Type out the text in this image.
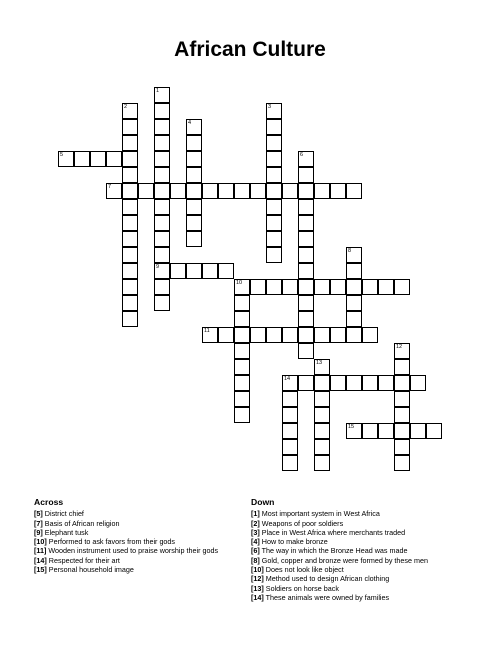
African Culture
1
9
2	3
4
5	6
7
8
10
11
12
13
14
15
Across
[5] District chief
[7] Basis of African religion
[9] Elephant tusk
[10] Performed to ask favors from their gods
[11] Wooden instrument used to praise worship their gods
[14] Respected for their art
[15] Personal household image
Down
[1] Most important system in West Africa
[2] Weapons of poor soldiers
[3] Place in West Africa where merchants traded
[4] How to make bronze
[6] The way in which the Bronze Head was made
[8] Gold, copper and bronze were formed by these men
[10] Does not look like object
[12] Method used to design African clothing
[13] Soldiers on horse back
[14] These animals were owned by families
